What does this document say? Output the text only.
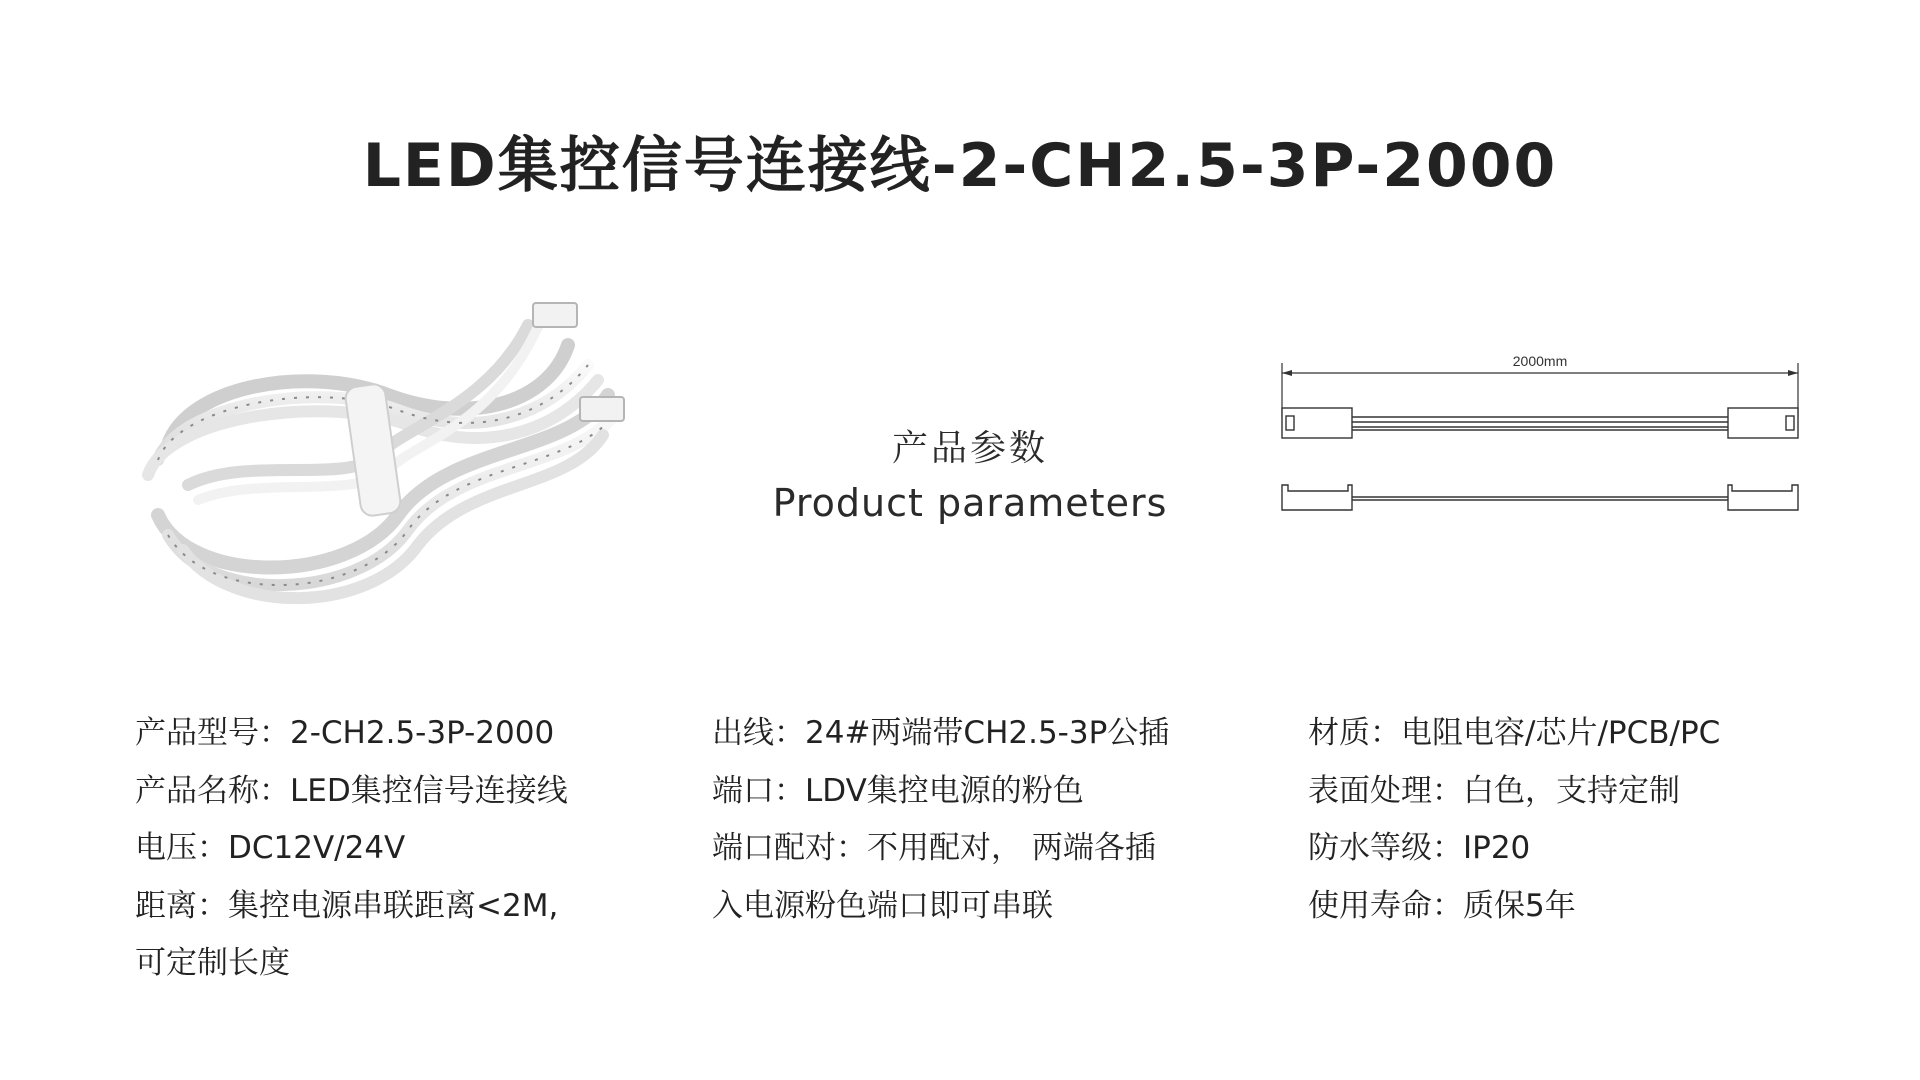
LED集控信号连接线-2-CH2.5-3P-2000
产品参数
Product parameters
2000mm
产品型号：2-CH2.5-3P-2000
产品名称：LED集控信号连接线
电压：DC12V/24V
距离：集控电源串联距离<2M,
可定制长度
出线：24#两端带CH2.5-3P公插
端口：LDV集控电源的粉色
端口配对：不用配对， 两端各插
入电源粉色端口即可串联
材质：电阻电容/芯片/PCB/PC
表面处理：白色，支持定制
防水等级：IP20
使用寿命：质保5年
